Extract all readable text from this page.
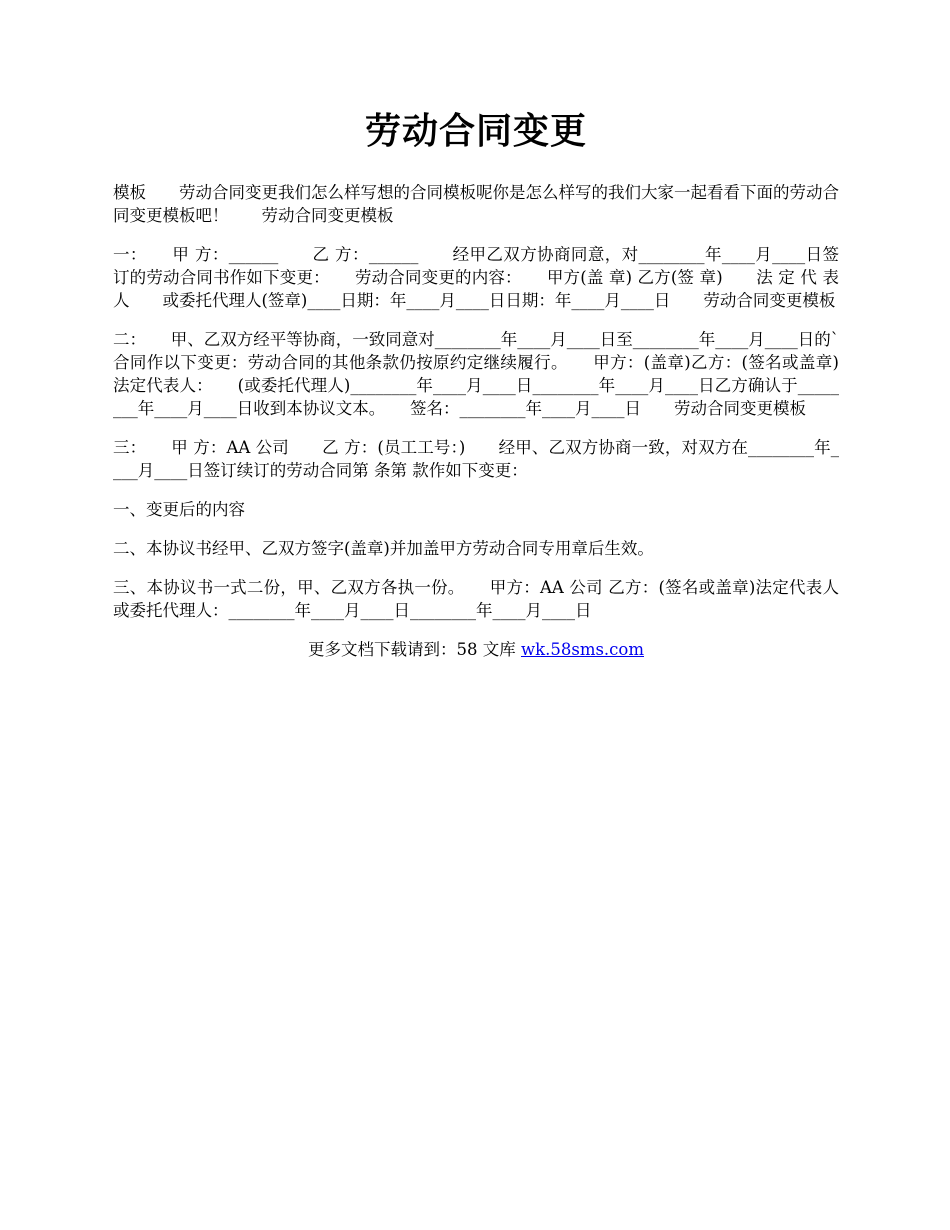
劳动合同变更

模板　　劳动合同变更我们怎么样写想的合同模板呢你是怎么样写的我们大家一起看看下面的劳动合同变更模板吧！　　劳动合同变更模板

一：　　甲 方：______　　乙 方：______　　经甲乙双方协商同意，对________年____月____日签订的劳动合同书作如下变更：　　劳动合同变更的内容：　　甲方(盖 章) 乙方(签 章)　　法 定 代 表 人　　或委托代理人(签章)____日期：年____月____日日期：年____月____日　　劳动合同变更模板

二：　　甲、乙双方经平等协商，一致同意对________年____月____日至________年____月____日的`合同作以下变更：劳动合同的其他条款仍按原约定继续履行。　　甲方：(盖章)乙方：(签名或盖章)法定代表人：　　(或委托代理人)________年____月____日________年____月____日乙方确认于________年____月____日收到本协议文本。　　签名：________年____月____日　　劳动合同变更模板

三：　　甲 方：AA 公司　　乙 方：(员工工号：)　　经甲、乙双方协商一致，对双方在________年____月____日签订续订的劳动合同第 条第 款作如下变更：

一、变更后的内容

二、本协议书经甲、乙双方签字(盖章)并加盖甲方劳动合同专用章后生效。

三、本协议书一式二份，甲、乙双方各执一份。　　甲方：AA 公司 乙方：(签名或盖章)法定代表人或委托代理人：________年____月____日________年____月____日

更多文档下载请到：58 文库 wk.58sms.com
